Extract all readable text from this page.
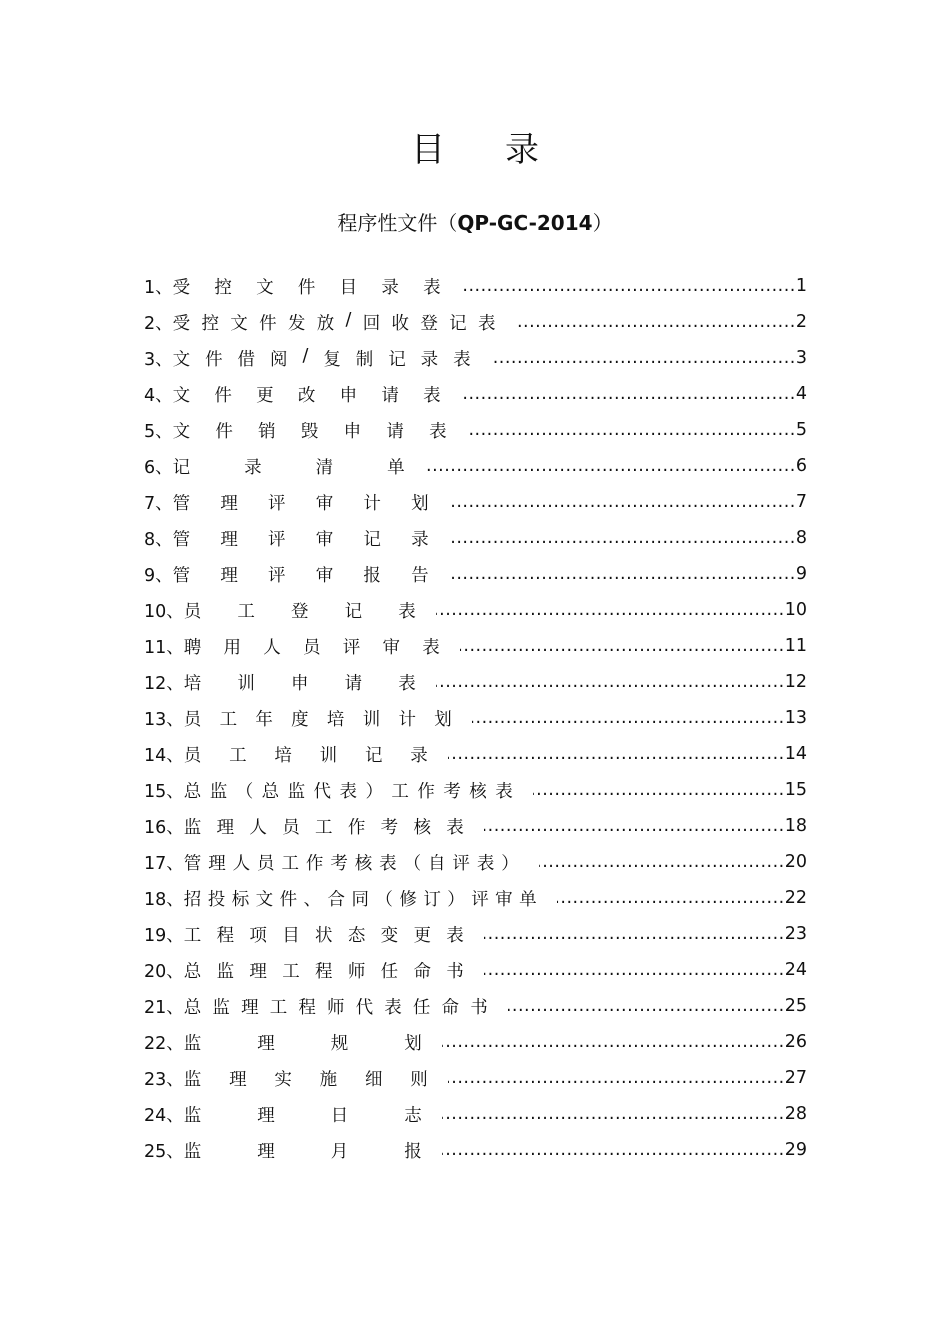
目录
程序性文件（QP-GC-2014）
1、 受 控 文 件 目 录 表 .....	1
2、 受 控 文 件 发 放 / 回 收 登 记 表 .....	2
3、 文 件 借 阅 / 复 制 记 录 表 .....	3
4、 文 件 更 改 申 请 表 .....	4
5、 文 件 销 毁 申 请 表 .....	5
6、 记	录	清	单 .....	6
7、 管 理 评 审 计 划 .....	7
8、 管 理 评 审 记 录 .....	8
9、 管 理 评 审 报 告 .....	9
10、 员 工 登 记 表 .....	10
11、 聘 用 人 员 评 审 表 .....	11
12、 培 训 申 请 表 .....	12
13、 员 工 年 度 培 训 计 划 .....	13
14、 员 工 培 训 记 录 .....	14
15、 总 监 （ 总 监 代 表 ） 工 作 考 核 表 .....	15
16、 监 理 人 员 工 作 考 核 表 .....	18
17、 管 理 人 员 工 作 考 核 表 （ 自 评 表 ） .....	20
18、 招 投 标 文 件 、 合 同 （ 修 订 ） 评 审 单 .....	22
19、 工 程 项 目 状 态 变 更 表 .....	23
20、 总 监 理 工 程 师 任 命 书 .....	24
21、 总 监 理 工 程 师 代 表 任 命 书 .....	25
22、 监	理	规	划 .....	26
23、 监 理 实 施 细 则 .....	27
24、 监	理	日	志 .....	28
25、 监	理	月	报 .....	29
